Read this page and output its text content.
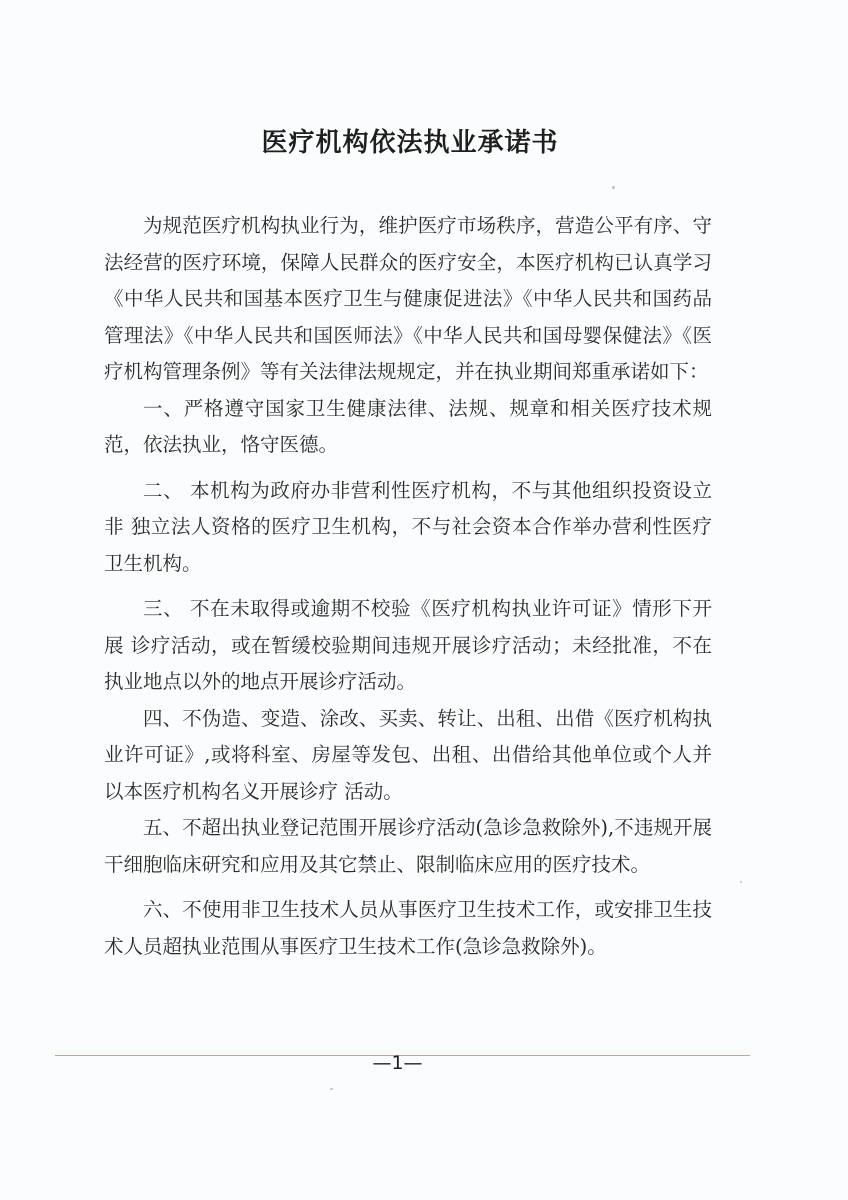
医疗机构依法执业承诺书

为规范医疗机构执业行为，维护医疗市场秩序，营造公平有序、守 法经营的医疗环境，保障人民群众的医疗安全，本医疗机构已认真学习《中华人民共和国基本医疗卫生与健康促进法》《中华人民共和国药品管理法》《中华人民共和国医师法》《中华人民共和国母婴保健法》《医疗机构管理条例》等有关法律法规规定，并在执业期间郑重承诺如下：

一、严格遵守国家卫生健康法律、法规、规章和相关医疗技术规范，依法执业，恪守医德。

二、 本机构为政府办非营利性医疗机构，不与其他组织投资设立非 独立法人资格的医疗卫生机构，不与社会资本合作举办营利性医疗卫生机构。

三、 不在未取得或逾期不校验《医疗机构执业许可证》情形下开展 诊疗活动，或在暂缓校验期间违规开展诊疗活动；未经批准，不在执业地点以外的地点开展诊疗活动。

四、不伪造、变造、涂改、买卖、转让、出租、出借《医疗机构执 业许可证》,或将科室、房屋等发包、出租、出借给其他单位或个人并以本医疗机构名义开展诊疗 活动。

五、不超出执业登记范围开展诊疗活动(急诊急救除外),不违规开展干细胞临床研究和应用及其它禁止、限制临床应用的医疗技术。

六、不使用非卫生技术人员从事医疗卫生技术工作，或安排卫生技术人员超执业范围从事医疗卫生技术工作(急诊急救除外)。

—1—
